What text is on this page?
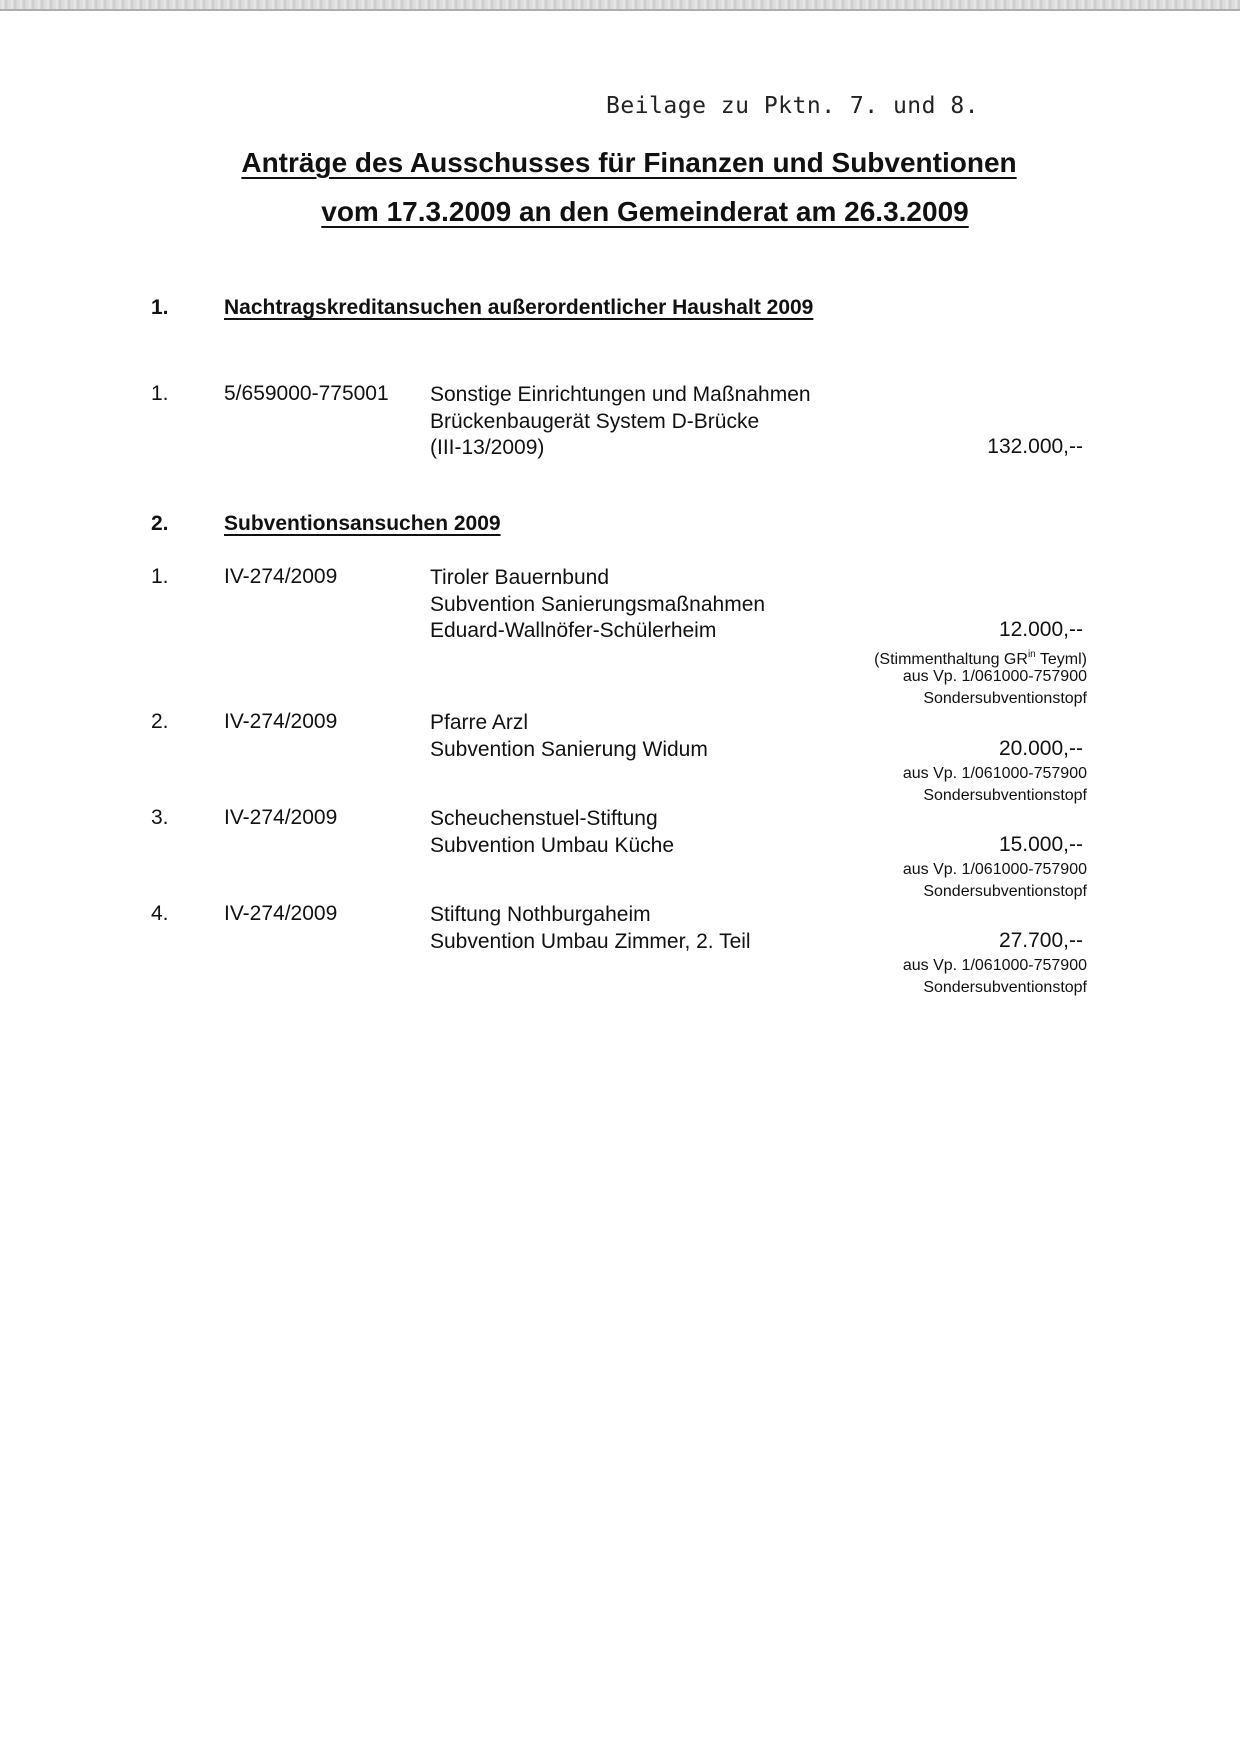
Beilage zu Pktn. 7. und 8.
Anträge des Ausschusses für Finanzen und Subventionen
vom 17.3.2009 an den Gemeinderat am 26.3.2009
1.	Nachtragskreditansuchen außerordentlicher Haushalt 2009
1.	5/659000-775001 Sonstige Einrichtungen und Maßnahmen
Brückenbaugerät System D-Brücke
(III-13/2009)	132.000,--
2.	Subventionsansuchen 2009
1.	IV-274/2009	Tiroler Bauernbund
Subvention Sanierungsmaßnahmen
Eduard-Wallnöfer-Schülerheim	12.000,--
(Stimmenthaltung $GR^{in}$ Teyml)
aus Vp. 1/061000-757900
Sondersubventionstopf
2.	IV-274/2009	Pfarre Arzl
Subvention Sanierung Widum	20.000,--
aus Vp. 1/061000-757900
Sondersubventionstopf
3.	IV-274/2009	Scheuchenstuel-Stiftung
Subvention Umbau Küche	15.000,--
aus Vp. 1/061000-757900
Sondersubventionstopf
4.	IV-274/2009	Stiftung Nothburgaheim
Subvention Umbau Zimmer, 2. Teil	27.700,--
aus Vp. 1/061000-757900
Sondersubventionstopf
